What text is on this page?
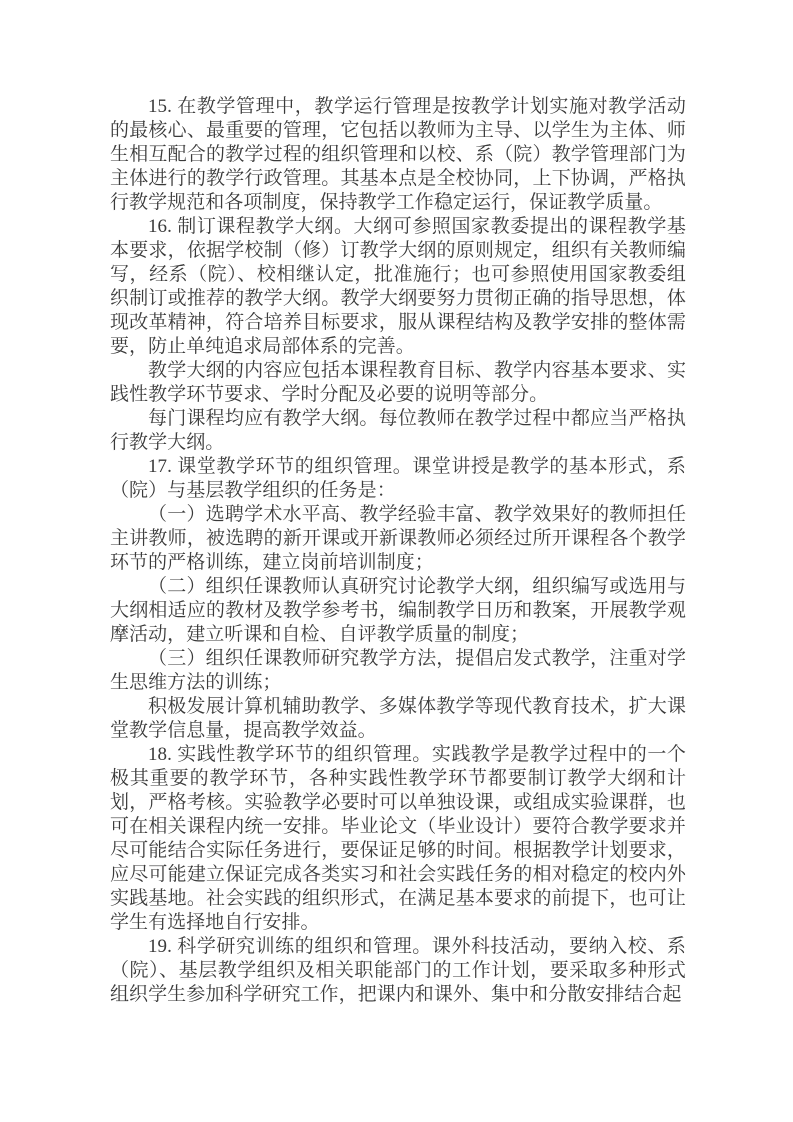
15. 在教学管理中，教学运行管理是按教学计划实施对教学活动的最核心、最重要的管理，它包括以教师为主导、以学生为主体、师生相互配合的教学过程的组织管理和以校、系（院）教学管理部门为主体进行的教学行政管理。其基本点是全校协同，上下协调，严格执行教学规范和各项制度，保持教学工作稳定运行，保证教学质量。

16. 制订课程教学大纲。大纲可参照国家教委提出的课程教学基本要求，依据学校制（修）订教学大纲的原则规定，组织有关教师编写，经系（院）、校相继认定，批准施行；也可参照使用国家教委组织制订或推荐的教学大纲。教学大纲要努力贯彻正确的指导思想，体现改革精神，符合培养目标要求，服从课程结构及教学安排的整体需要，防止单纯追求局部体系的完善。

教学大纲的内容应包括本课程教育目标、教学内容基本要求、实践性教学环节要求、学时分配及必要的说明等部分。

每门课程均应有教学大纲。每位教师在教学过程中都应当严格执行教学大纲。

17. 课堂教学环节的组织管理。课堂讲授是教学的基本形式，系（院）与基层教学组织的任务是：

（一）选聘学术水平高、教学经验丰富、教学效果好的教师担任主讲教师，被选聘的新开课或开新课教师必须经过所开课程各个教学环节的严格训练，建立岗前培训制度；

（二）组织任课教师认真研究讨论教学大纲，组织编写或选用与大纲相适应的教材及教学参考书，编制教学日历和教案，开展教学观摩活动，建立听课和自检、自评教学质量的制度；

（三）组织任课教师研究教学方法，提倡启发式教学，注重对学生思维方法的训练；

积极发展计算机辅助教学、多媒体教学等现代教育技术，扩大课堂教学信息量，提高教学效益。

18. 实践性教学环节的组织管理。实践教学是教学过程中的一个极其重要的教学环节，各种实践性教学环节都要制订教学大纲和计划，严格考核。实验教学必要时可以单独设课，或组成实验课群，也可在相关课程内统一安排。毕业论文（毕业设计）要符合教学要求并尽可能结合实际任务进行，要保证足够的时间。根据教学计划要求，应尽可能建立保证完成各类实习和社会实践任务的相对稳定的校内外实践基地。社会实践的组织形式，在满足基本要求的前提下，也可让学生有选择地自行安排。

19. 科学研究训练的组织和管理。课外科技活动，要纳入校、系（院）、基层教学组织及相关职能部门的工作计划，要采取多种形式组织学生参加科学研究工作，把课内和课外、集中和分散安排结合起
